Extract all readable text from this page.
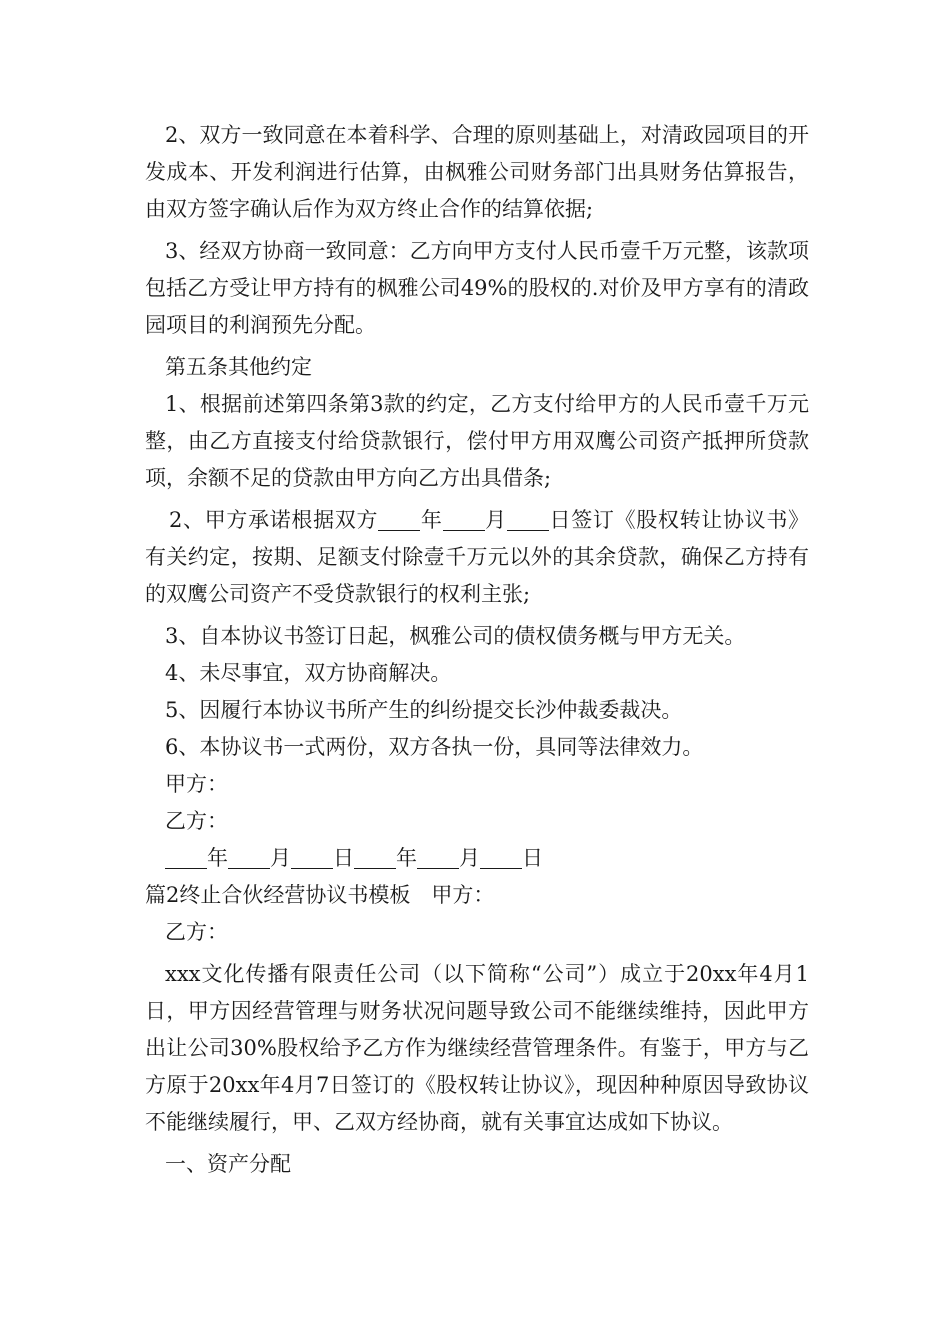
2、双方一致同意在本着科学、合理的原则基础上，对清政园项目的开发成本、开发利润进行估算，由枫雅公司财务部门出具财务估算报告，由双方签字确认后作为双方终止合作的结算依据;

3、经双方协商一致同意：乙方向甲方支付人民币壹千万元整，该款项包括乙方受让甲方持有的枫雅公司49%的股权的.对价及甲方享有的清政园项目的利润预先分配。

第五条其他约定

1、根据前述第四条第3款的约定，乙方支付给甲方的人民币壹千万元整，由乙方直接支付给贷款银行，偿付甲方用双鹰公司资产抵押所贷款项，余额不足的贷款由甲方向乙方出具借条;

2、甲方承诺根据双方 年 月 日签订《股权转让协议书》有关约定，按期、足额支付除壹千万元以外的其余贷款，确保乙方持有的双鹰公司资产不受贷款银行的权利主张;

3、自本协议书签订日起，枫雅公司的债权债务概与甲方无关。

4、未尽事宜，双方协商解决。

5、因履行本协议书所产生的纠纷提交长沙仲裁委裁决。

6、本协议书一式两份，双方各执一份，具同等法律效力。

甲方：

乙方：

年 月 日 年 月 日

篇2终止合伙经营协议书模板　甲方：

乙方：

xxx文化传播有限责任公司（以下简称“公司”）成立于20xx年4月1日，甲方因经营管理与财务状况问题导致公司不能继续维持，因此甲方出让公司30%股权给予乙方作为继续经营管理条件。有鉴于，甲方与乙方原于20xx年4月7日签订的《股权转让协议》，现因种种原因导致协议不能继续履行，甲、乙双方经协商，就有关事宜达成如下协议。

一、资产分配
